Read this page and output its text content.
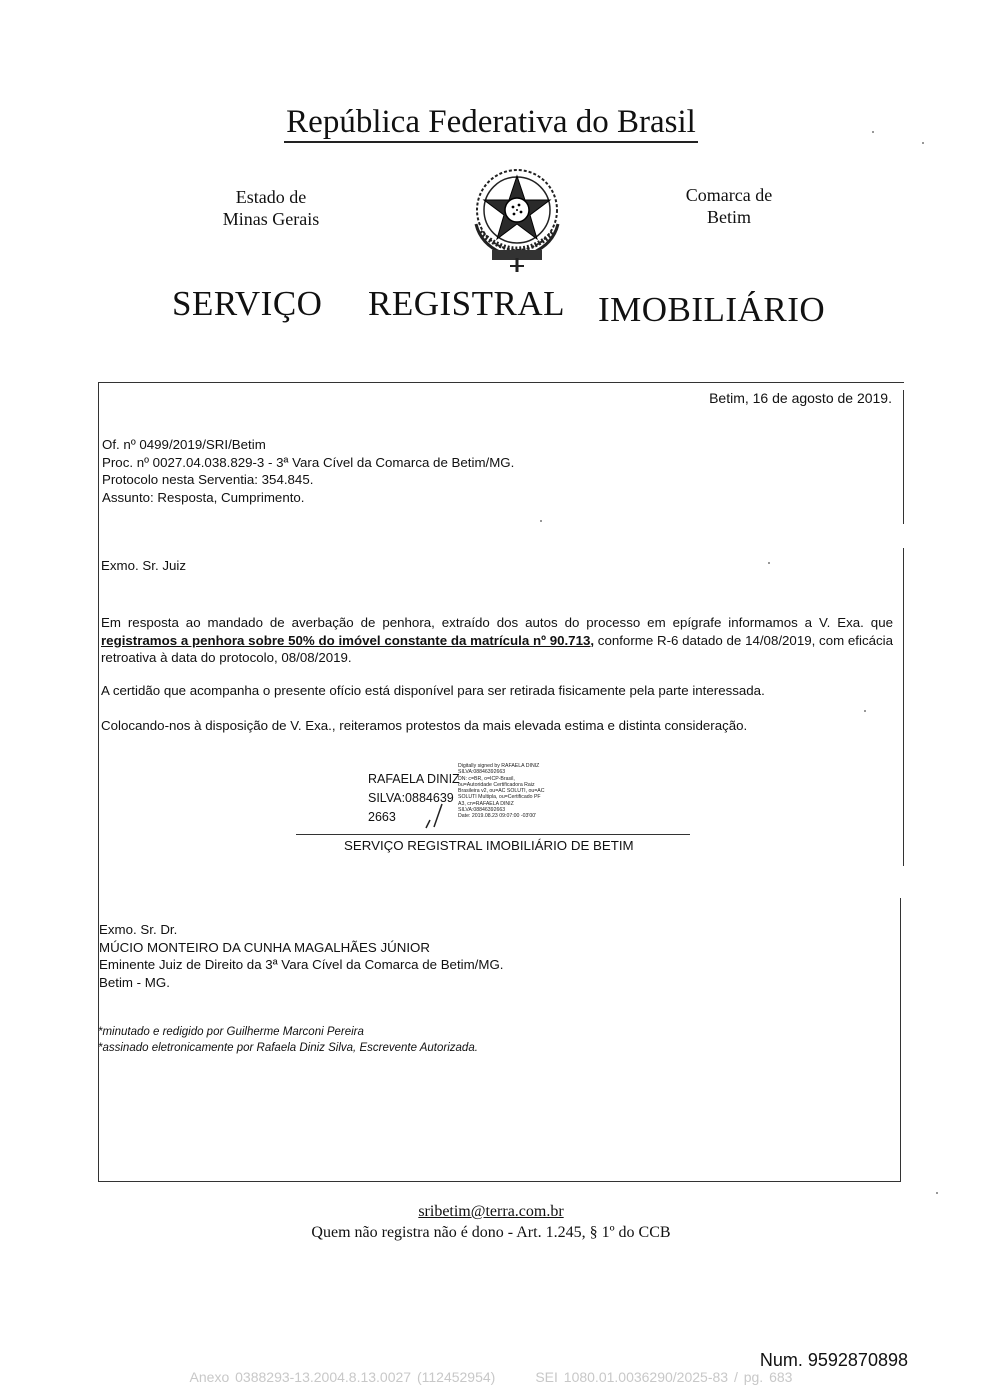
República Federativa do Brasil
Estado de
Minas Gerais
Comarca de
Betim
SERVIÇO REGISTRAL IMOBILIÁRIO
Betim, 16 de agosto de 2019.
Of. nº 0499/2019/SRI/Betim
Proc. nº 0027.04.038.829-3 - 3ª Vara Cível da Comarca de Betim/MG.
Protocolo nesta Serventia: 354.845.
Assunto: Resposta, Cumprimento.
Exmo. Sr. Juiz
Em resposta ao mandado de averbação de penhora, extraído dos autos do processo em epígrafe informamos a V. Exa. que registramos a penhora sobre 50% do imóvel constante da matrícula nº 90.713, conforme R-6 datado de 14/08/2019, com eficácia retroativa à data do protocolo, 08/08/2019.
A certidão que acompanha o presente ofício está disponível para ser retirada fisicamente pela parte interessada.
Colocando-nos à disposição de V. Exa., reiteramos protestos da mais elevada estima e distinta consideração.
RAFAELA DINIZ
SILVA:0884639
2663
Digitally signed by RAFAELA DINIZ
SILVA:08846392663
DN: c=BR, o=ICP-Brasil,
ou=Autoridade Certificadora Raiz
Brasileira v2, ou=AC SOLUTI, ou=AC
SOLUTI Multipla, ou=Certificado PF
A3, cn=RAFAELA DINIZ
SILVA:08846392663
Date: 2019.08.23 09:07:00 -03'00'
SERVIÇO REGISTRAL IMOBILIÁRIO DE BETIM
Exmo. Sr. Dr.
MÚCIO MONTEIRO DA CUNHA MAGALHÃES JÚNIOR
Eminente Juiz de Direito da 3ª Vara Cível da Comarca de Betim/MG.
Betim - MG.
*minutado e redigido por Guilherme Marconi Pereira
*assinado eletronicamente por Rafaela Diniz Silva, Escrevente Autorizada.
sribetim@terra.com.br
Quem não registra não é dono - Art. 1.245, § 1º do CCB
Num. 9592870898
Anexo 0388293-13.2004.8.13.0027 (112452954)	SEI 1080.01.0036290/2025-83 / pg. 683
